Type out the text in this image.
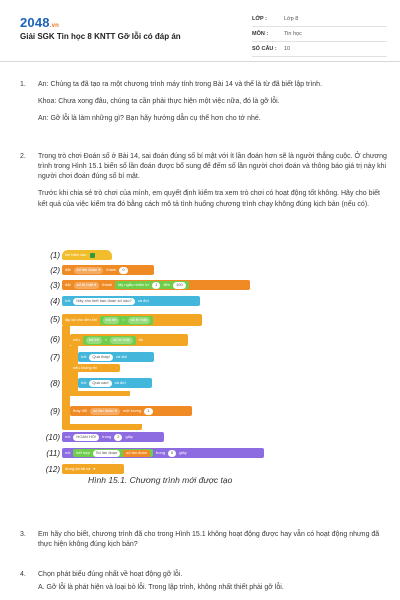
2048.vn
Giải SGK Tin học 8 KNTT Gỡ lỗi có đáp án
LỚP :	Lớp 8
MÔN :	Tin học
SỐ CÂU :	10
1.	An: Chúng ta đã tạo ra một chương trình máy tính trong Bài 14 và thế là từ đã biết lập trình.

Khoa: Chưa xong đâu, chúng ta cần phải thực hiện một việc nữa, đó là gỡ lỗi.

An: Gỡ lỗi là làm những gì? Bạn hãy hướng dẫn cụ thể hơn cho tớ nhé.

2.	Trong trò chơi Đoán số ở Bài 14, sai đoán đúng số bí mật với ít lần đoán hơn sẽ là người thắng cuộc. Ở chương trình trong Hình 15.1 biến số lần đoán được bổ sung để đếm số lần người chơi đoán và thông báo giá trị này khi người chơi đoán đúng số bí mật.

Trước khi chia sẻ trò chơi của mình, em quyết định kiểm tra xem trò chơi có hoạt động tốt không. Hãy cho biết kết quả của việc kiểm tra đó bằng cách mô tả tình huống chương trình chạy không đúng kịch bản (nếu có).

(1)
(2)
(3)
(4)
(5)
(6)
(7)
(8)
(9)
(10)
(11)
(12)
khi bấm vào
đặt số lần đoán
▾ thành	0
đặt số bí mật
▾ thành lấy ngẫu nhiên từ	1	đến	100
hỏi	Hãy cho biết bạn đoán số nào?	và đợi
lặp lại cho đến khi	trả lời	=	số bí mật
nếu	trả lời	>	số bí mật	thì
hỏi	Quá thấp!	và đợi
nếu không thì
hỏi	Quá cao!	và đợi
thay đổi số lần đoán
▾ một lượng	1
nói	HOAN HÔ!	trong	2	giây
nói kết hợp	Số lần đoán	số lần đoán trong	5	giây
dừng lại tất cả ▾
Hình 15.1. Chương trình mới được tạo
3.	Em hãy cho biết, chương trình đã cho trong Hình 15.1 không hoạt động được hay vẫn có hoạt động nhưng đã thực hiện không đúng kịch bản?

4.	Chọn phát biểu đúng nhất về hoạt động gỡ lỗi.

A. Gỡ lỗi là phát hiện và loại bỏ lỗi. Trong lập trình, không nhất thiết phải gỡ lỗi.
